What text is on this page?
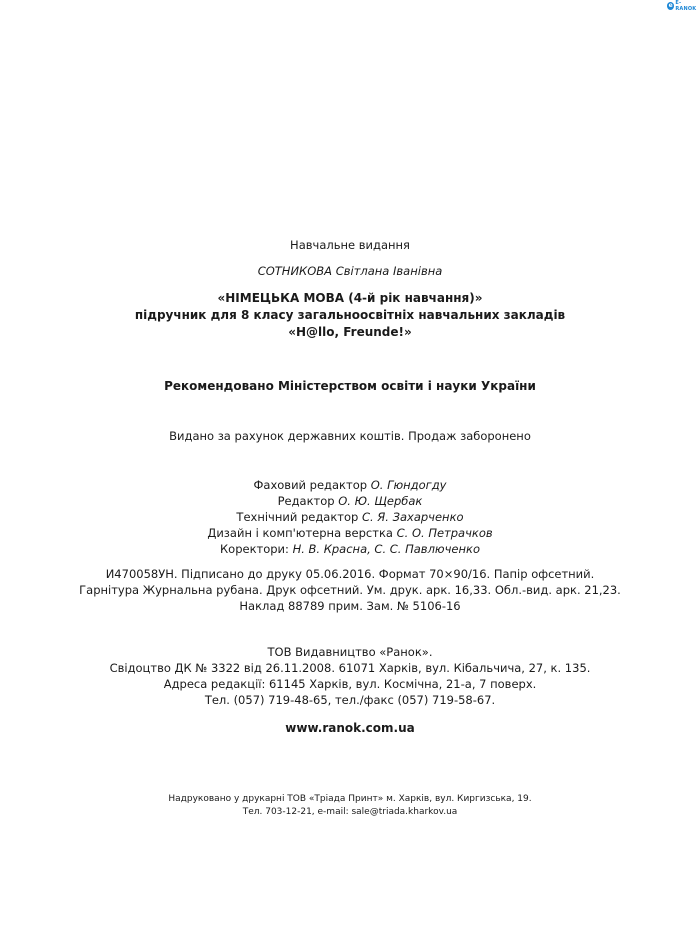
e E-RANOK
Навчальне видання
СОТНИКОВА Світлана Іванівна
«НІМЕЦЬКА МОВА (4-й рік навчання)»
підручник для 8 класу загальноосвітніх навчальних закладів
«H@llo, Freunde!»
Рекомендовано Міністерством освіти і науки України
Видано за рахунок державних коштів. Продаж заборонено
Фаховий редактор О. Гюндогду
Редактор О. Ю. Щербак
Технічний редактор С. Я. Захарченко
Дизайн і комп'ютерна верстка С. О. Петрачков
Коректори: Н. В. Красна, С. С. Павлюченко
И470058УН. Підписано до друку 05.06.2016. Формат 70×90/16. Папір офсетний.
Гарнітура Журнальна рубана. Друк офсетний. Ум. друк. арк. 16,33. Обл.-вид. арк. 21,23.
Наклад 88789 прим. Зам. № 5106-16
ТОВ Видавництво «Ранок».
Свідоцтво ДК № 3322 від 26.11.2008. 61071 Харків, вул. Кібальчича, 27, к. 135.
Адреса редакції: 61145 Харків, вул. Космічна, 21-а, 7 поверх.
Тел. (057) 719-48-65, тел./факс (057) 719-58-67.
www.ranok.com.ua
Надруковано у друкарні ТОВ «Тріада Принт» м. Харків, вул. Киргизська, 19.
Тел. 703-12-21, e-mail: sale@triada.kharkov.ua
